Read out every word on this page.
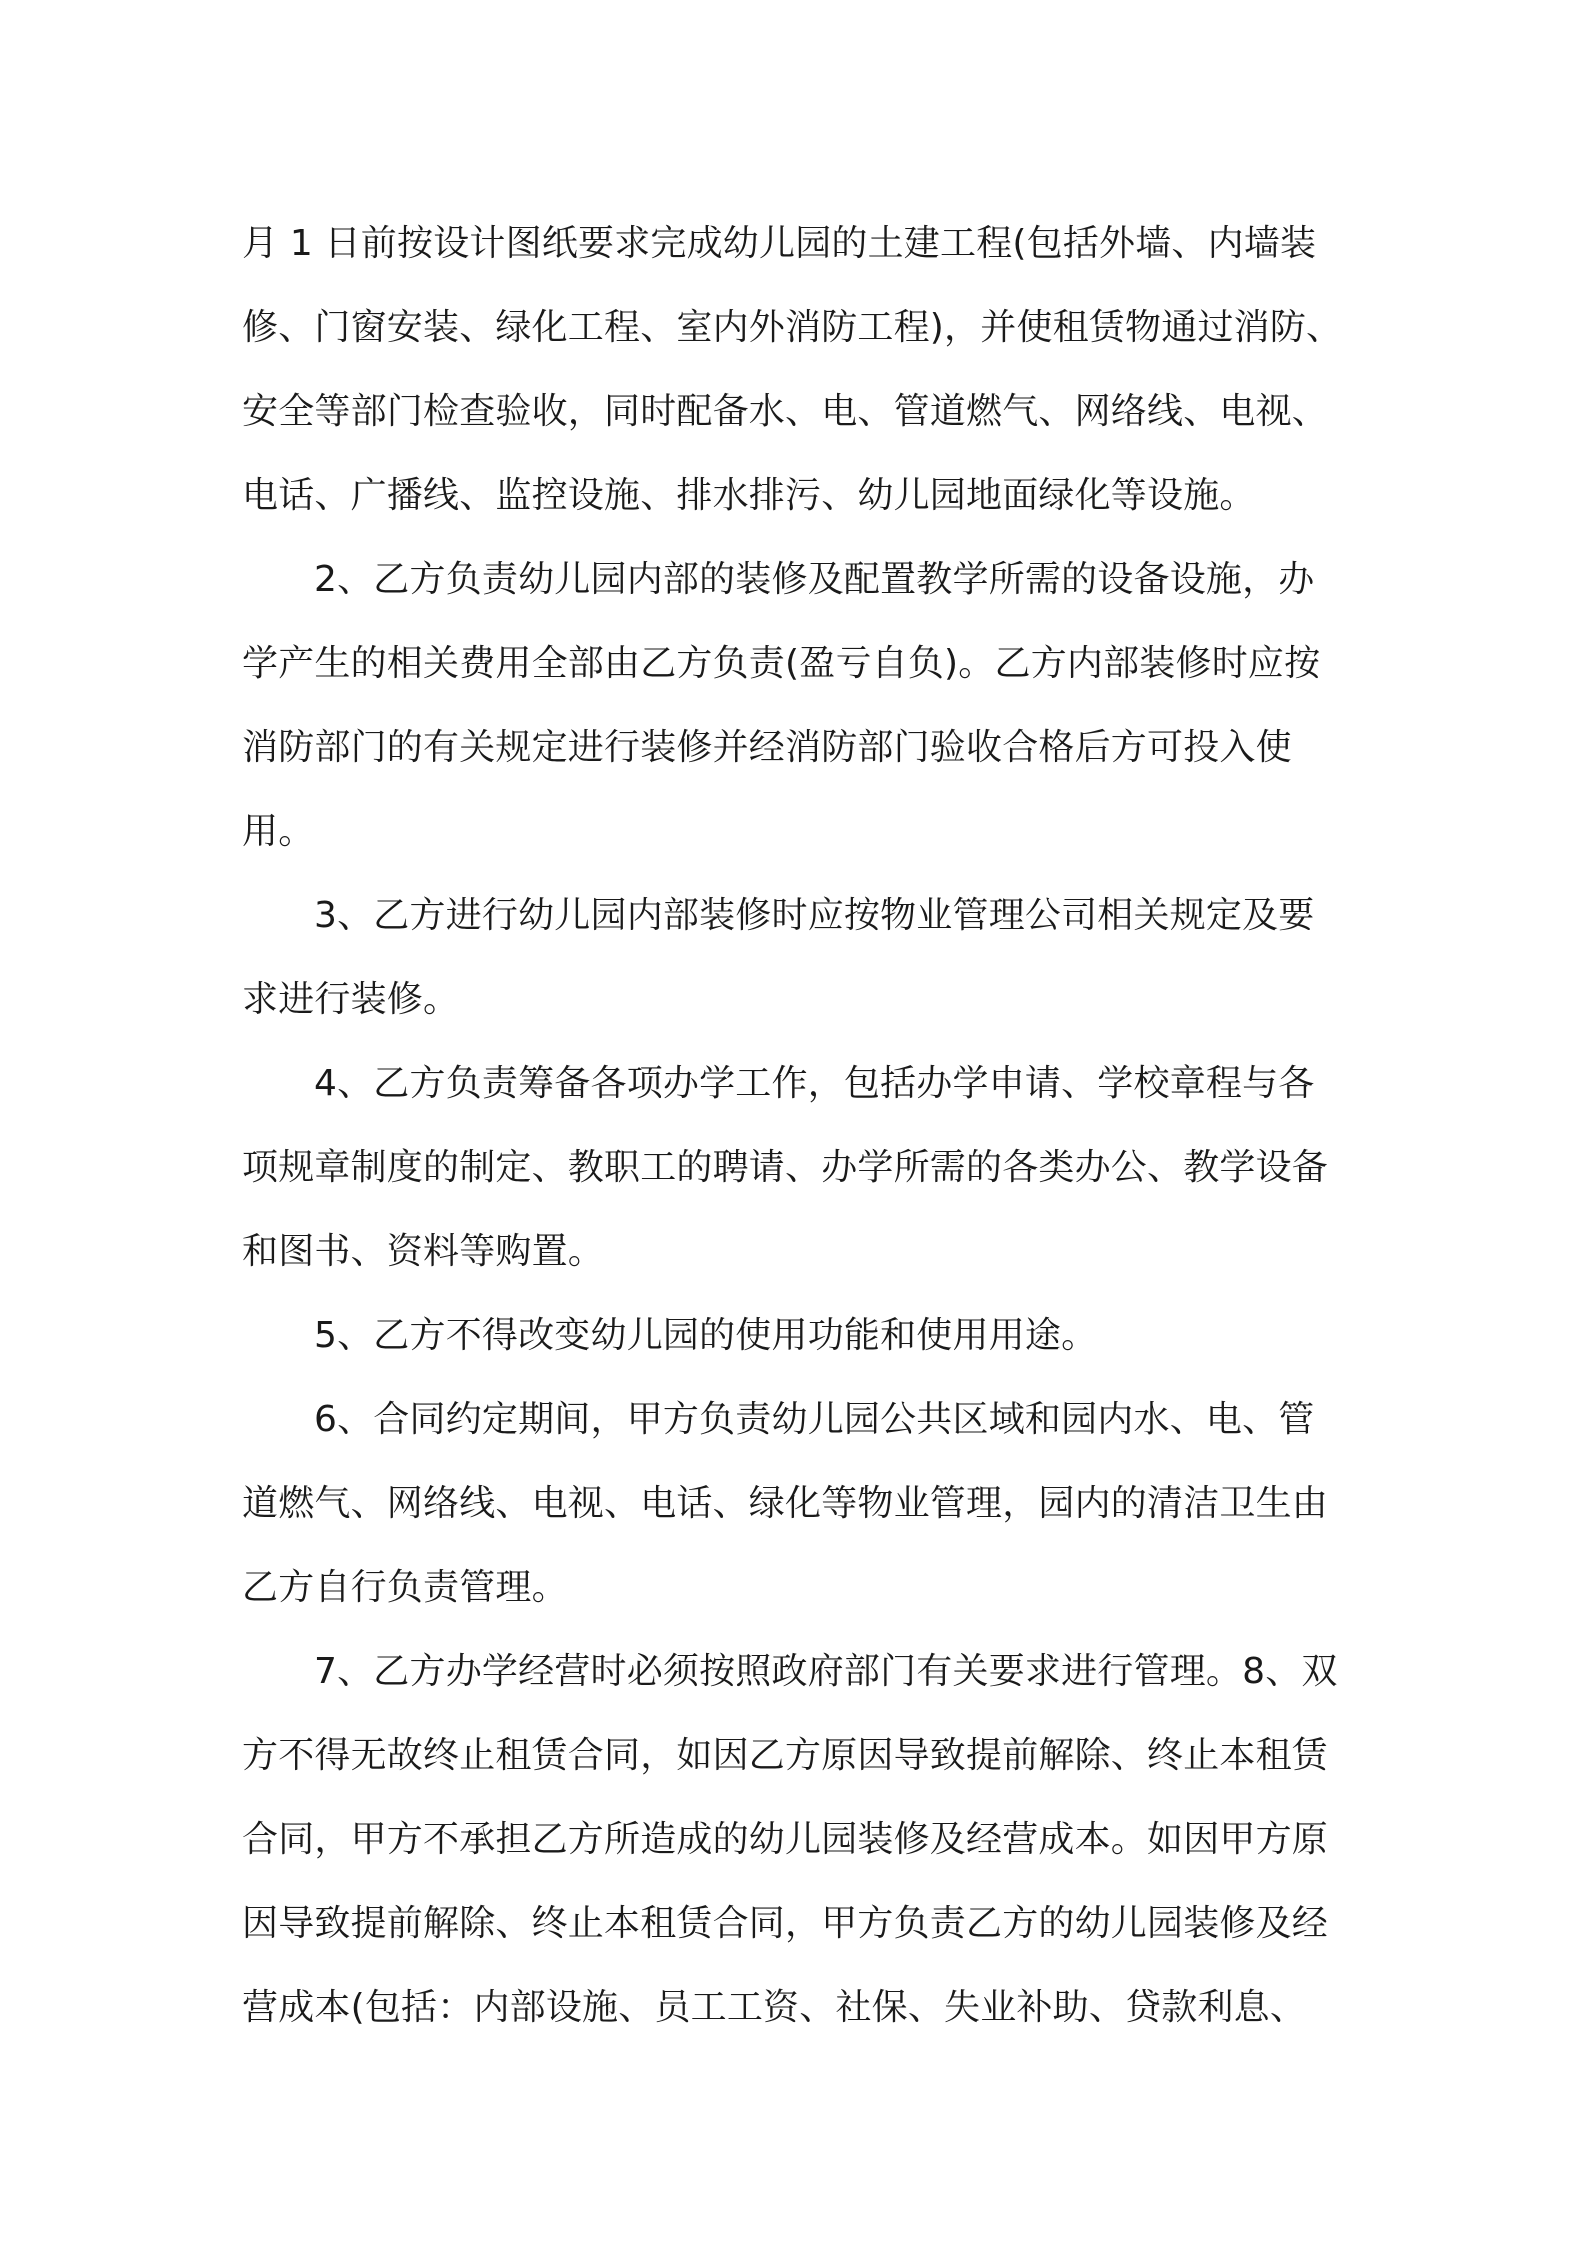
月 1 日前按设计图纸要求完成幼儿园的土建工程(包括外墙、内墙装
修、门窗安装、绿化工程、室内外消防工程)，并使租赁物通过消防、
安全等部门检查验收，同时配备水、电、管道燃气、网络线、电视、
电话、广播线、监控设施、排水排污、幼儿园地面绿化等设施。
2、乙方负责幼儿园内部的装修及配置教学所需的设备设施，办
学产生的相关费用全部由乙方负责(盈亏自负)。乙方内部装修时应按
消防部门的有关规定进行装修并经消防部门验收合格后方可投入使
用。
3、乙方进行幼儿园内部装修时应按物业管理公司相关规定及要
求进行装修。
4、乙方负责筹备各项办学工作，包括办学申请、学校章程与各
项规章制度的制定、教职工的聘请、办学所需的各类办公、教学设备
和图书、资料等购置。
5、乙方不得改变幼儿园的使用功能和使用用途。
6、合同约定期间，甲方负责幼儿园公共区域和园内水、电、管
道燃气、网络线、电视、电话、绿化等物业管理，园内的清洁卫生由
乙方自行负责管理。
7、乙方办学经营时必须按照政府部门有关要求进行管理。8、双
方不得无故终止租赁合同，如因乙方原因导致提前解除、终止本租赁
合同，甲方不承担乙方所造成的幼儿园装修及经营成本。如因甲方原
因导致提前解除、终止本租赁合同，甲方负责乙方的幼儿园装修及经
营成本(包括：内部设施、员工工资、社保、失业补助、贷款利息、
